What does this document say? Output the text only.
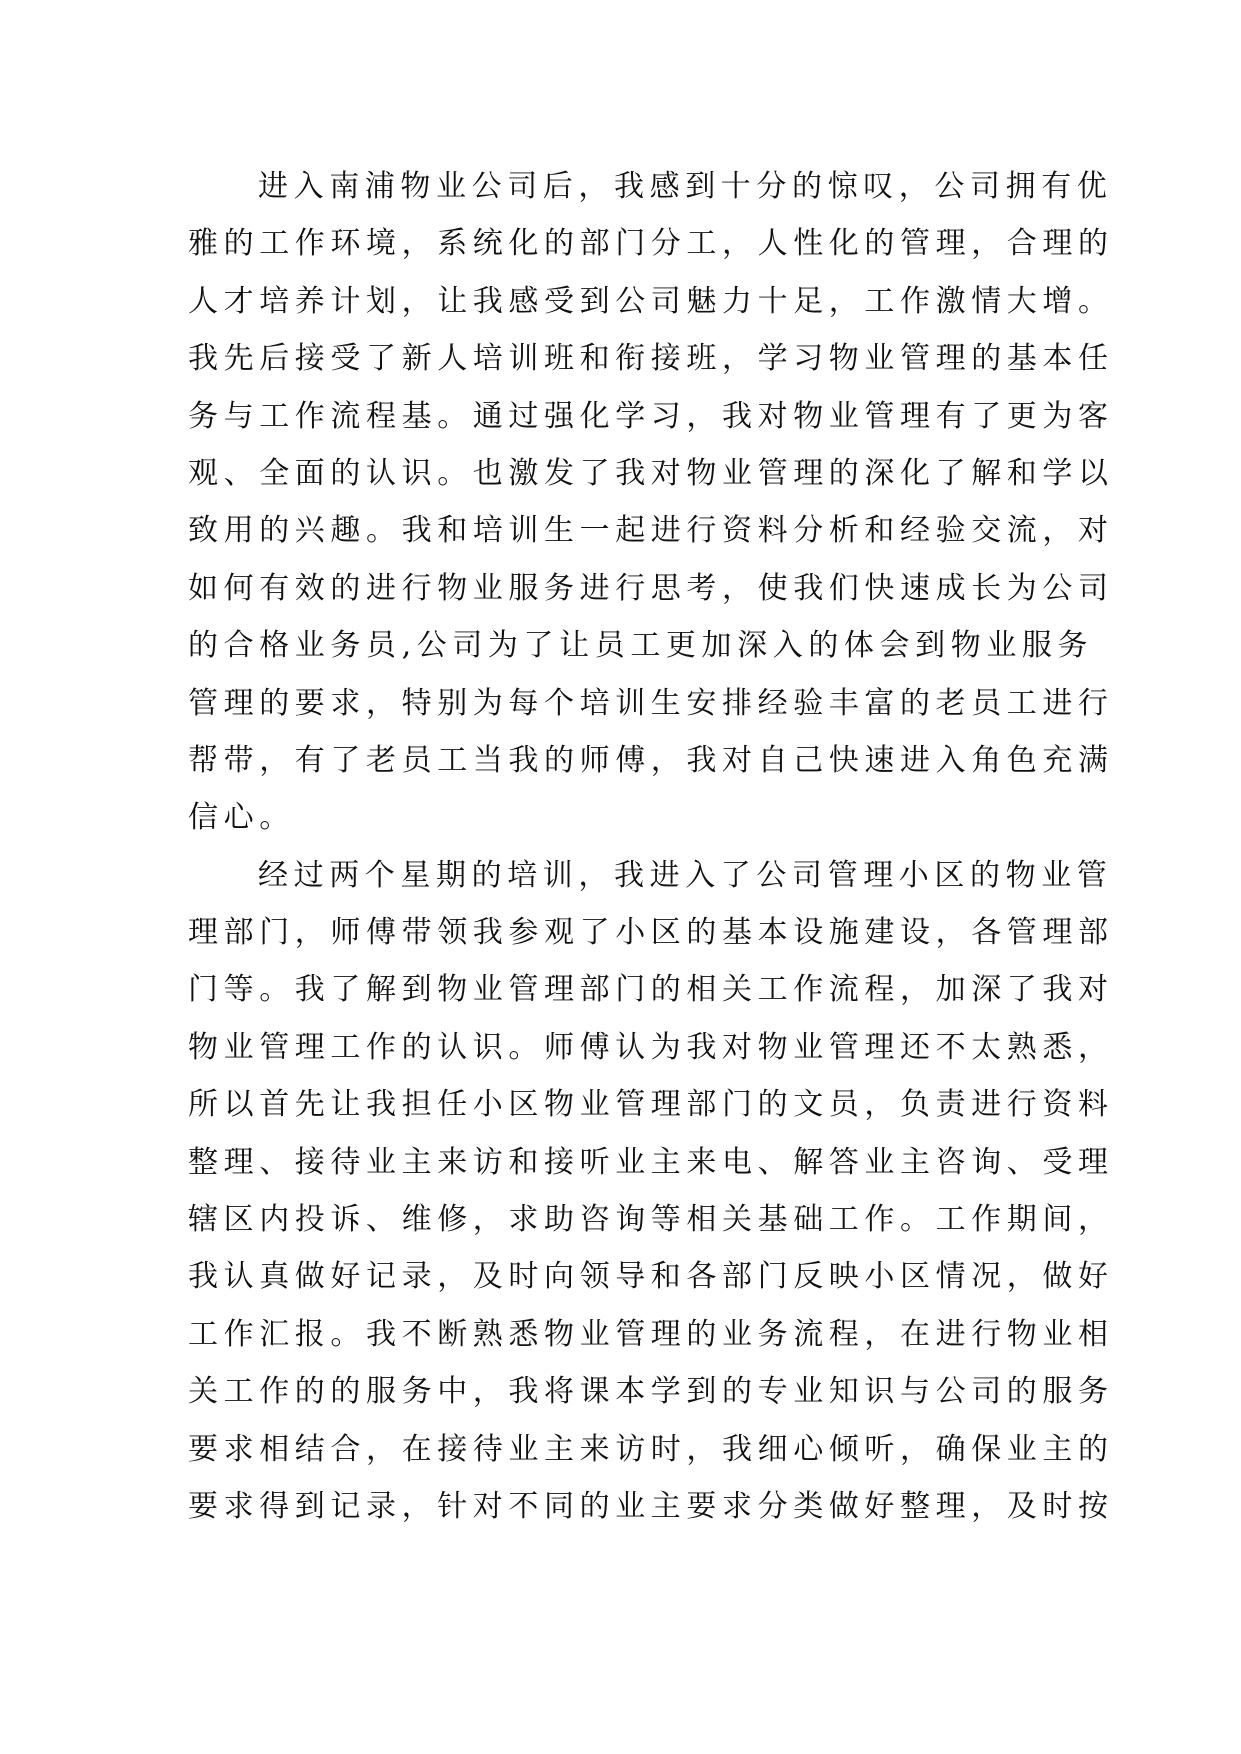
进入南浦物业公司后，我感到十分的惊叹，公司拥有优
雅的工作环境，系统化的部门分工，人性化的管理，合理的
人才培养计划，让我感受到公司魅力十足，工作激情大增。
我先后接受了新人培训班和衔接班，学习物业管理的基本任
务与工作流程基。通过强化学习，我对物业管理有了更为客
观、全面的认识。也激发了我对物业管理的深化了解和学以
致用的兴趣。我和培训生一起进行资料分析和经验交流，对
如何有效的进行物业服务进行思考，使我们快速成长为公司
的合格业务员,公司为了让员工更加深入的体会到物业服务
管理的要求，特别为每个培训生安排经验丰富的老员工进行
帮带，有了老员工当我的师傅，我对自己快速进入角色充满
信心。
经过两个星期的培训，我进入了公司管理小区的物业管
理部门，师傅带领我参观了小区的基本设施建设，各管理部
门等。我了解到物业管理部门的相关工作流程，加深了我对
物业管理工作的认识。师傅认为我对物业管理还不太熟悉，
所以首先让我担任小区物业管理部门的文员，负责进行资料
整理、接待业主来访和接听业主来电、解答业主咨询、受理
辖区内投诉、维修，求助咨询等相关基础工作。工作期间，
我认真做好记录，及时向领导和各部门反映小区情况，做好
工作汇报。我不断熟悉物业管理的业务流程，在进行物业相
关工作的的服务中，我将课本学到的专业知识与公司的服务
要求相结合，在接待业主来访时，我细心倾听，确保业主的
要求得到记录，针对不同的业主要求分类做好整理，及时按
